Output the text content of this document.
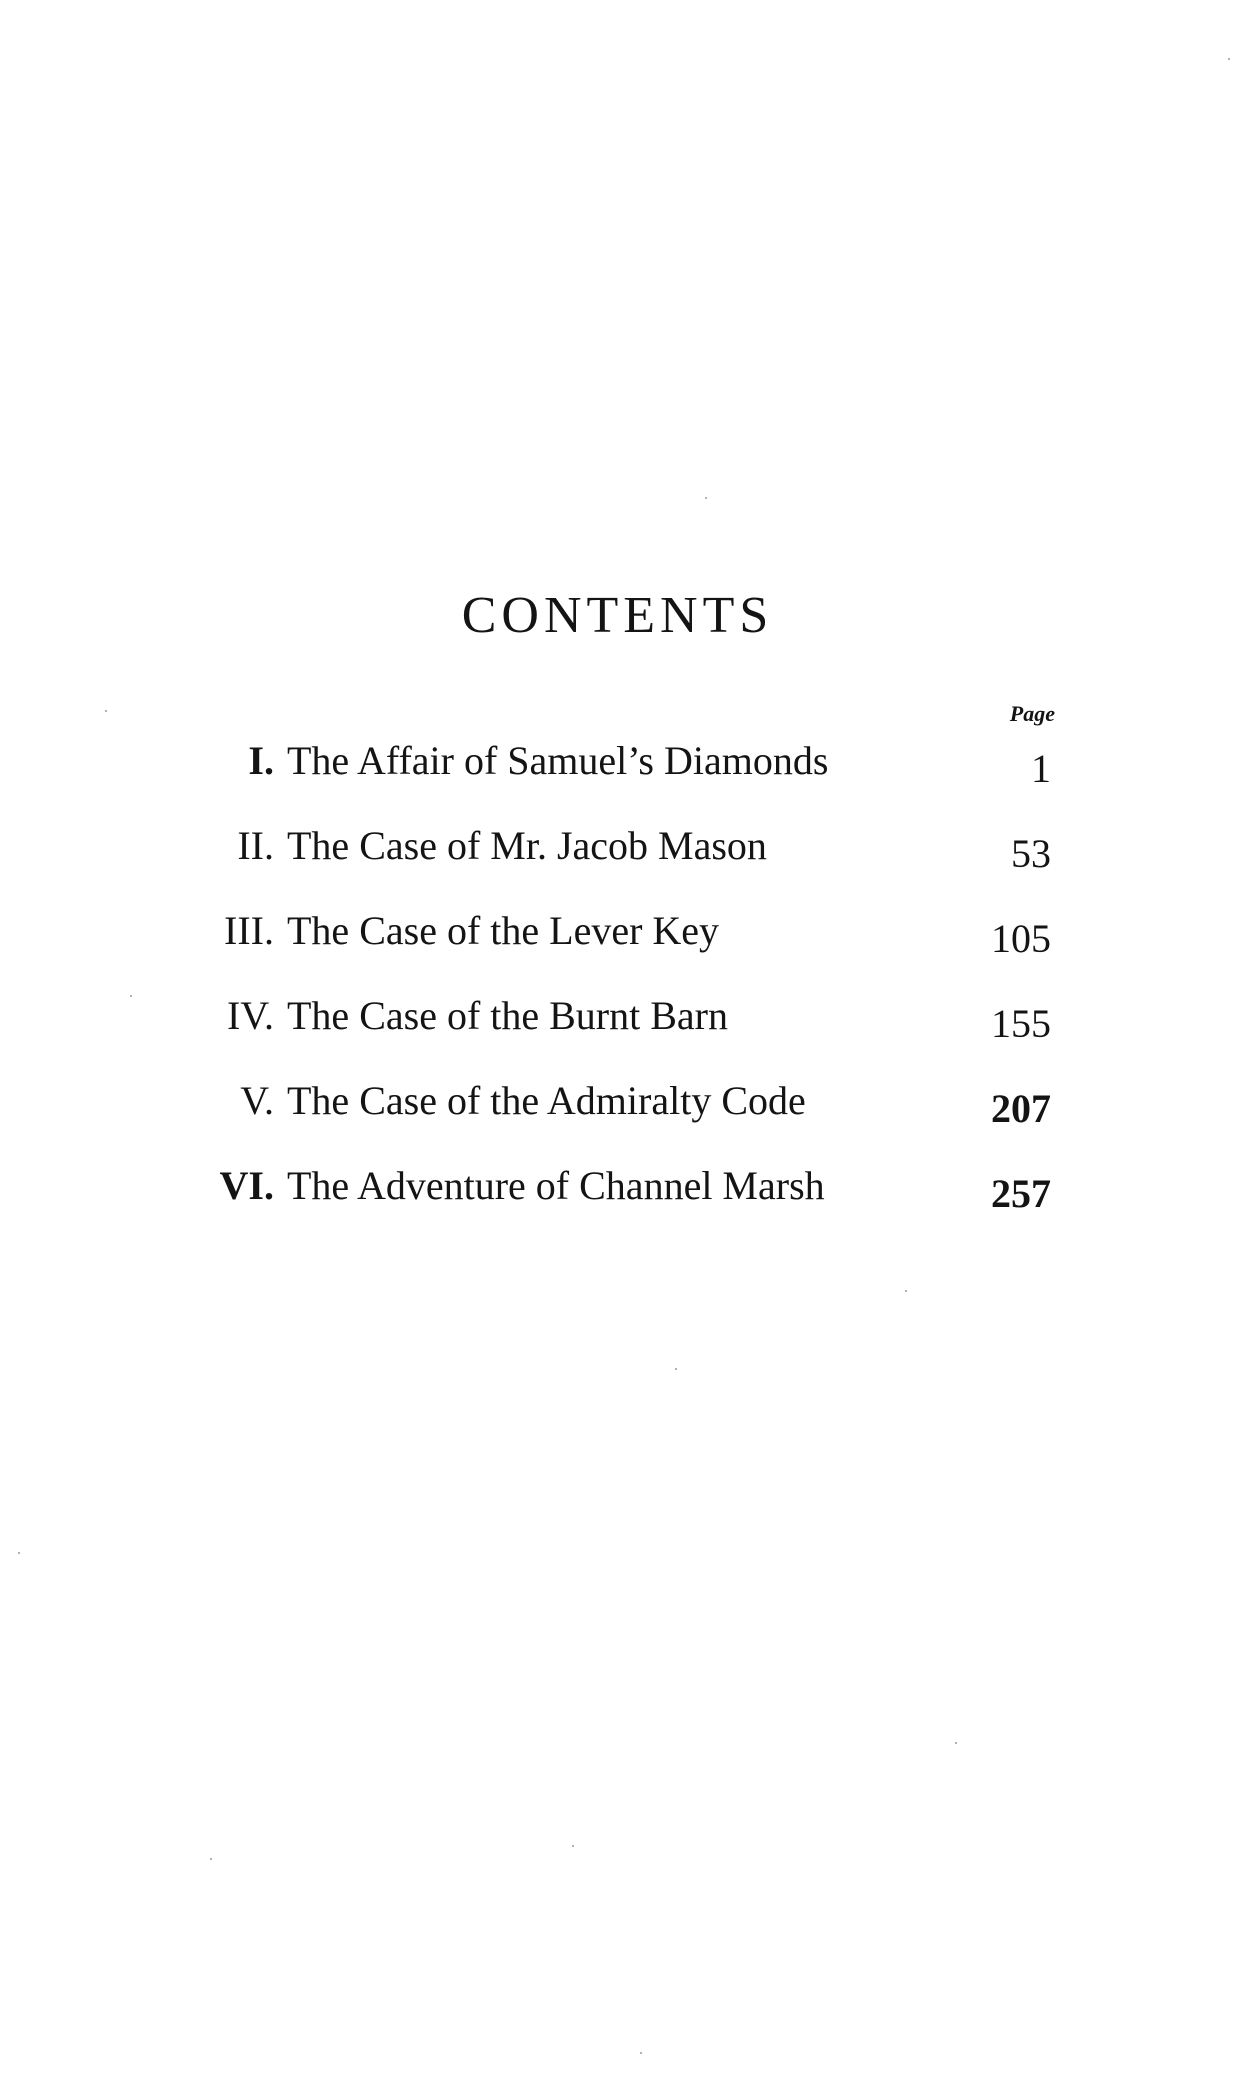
CONTENTS
Page
I. The Affair of Samuel’s Diamonds	1
II. The Case of Mr. Jacob Mason	53
III. The Case of the Lever Key	105
IV. The Case of the Burnt Barn	155
V. The Case of the Admiralty Code	207
VI. The Adventure of Channel Marsh	257
